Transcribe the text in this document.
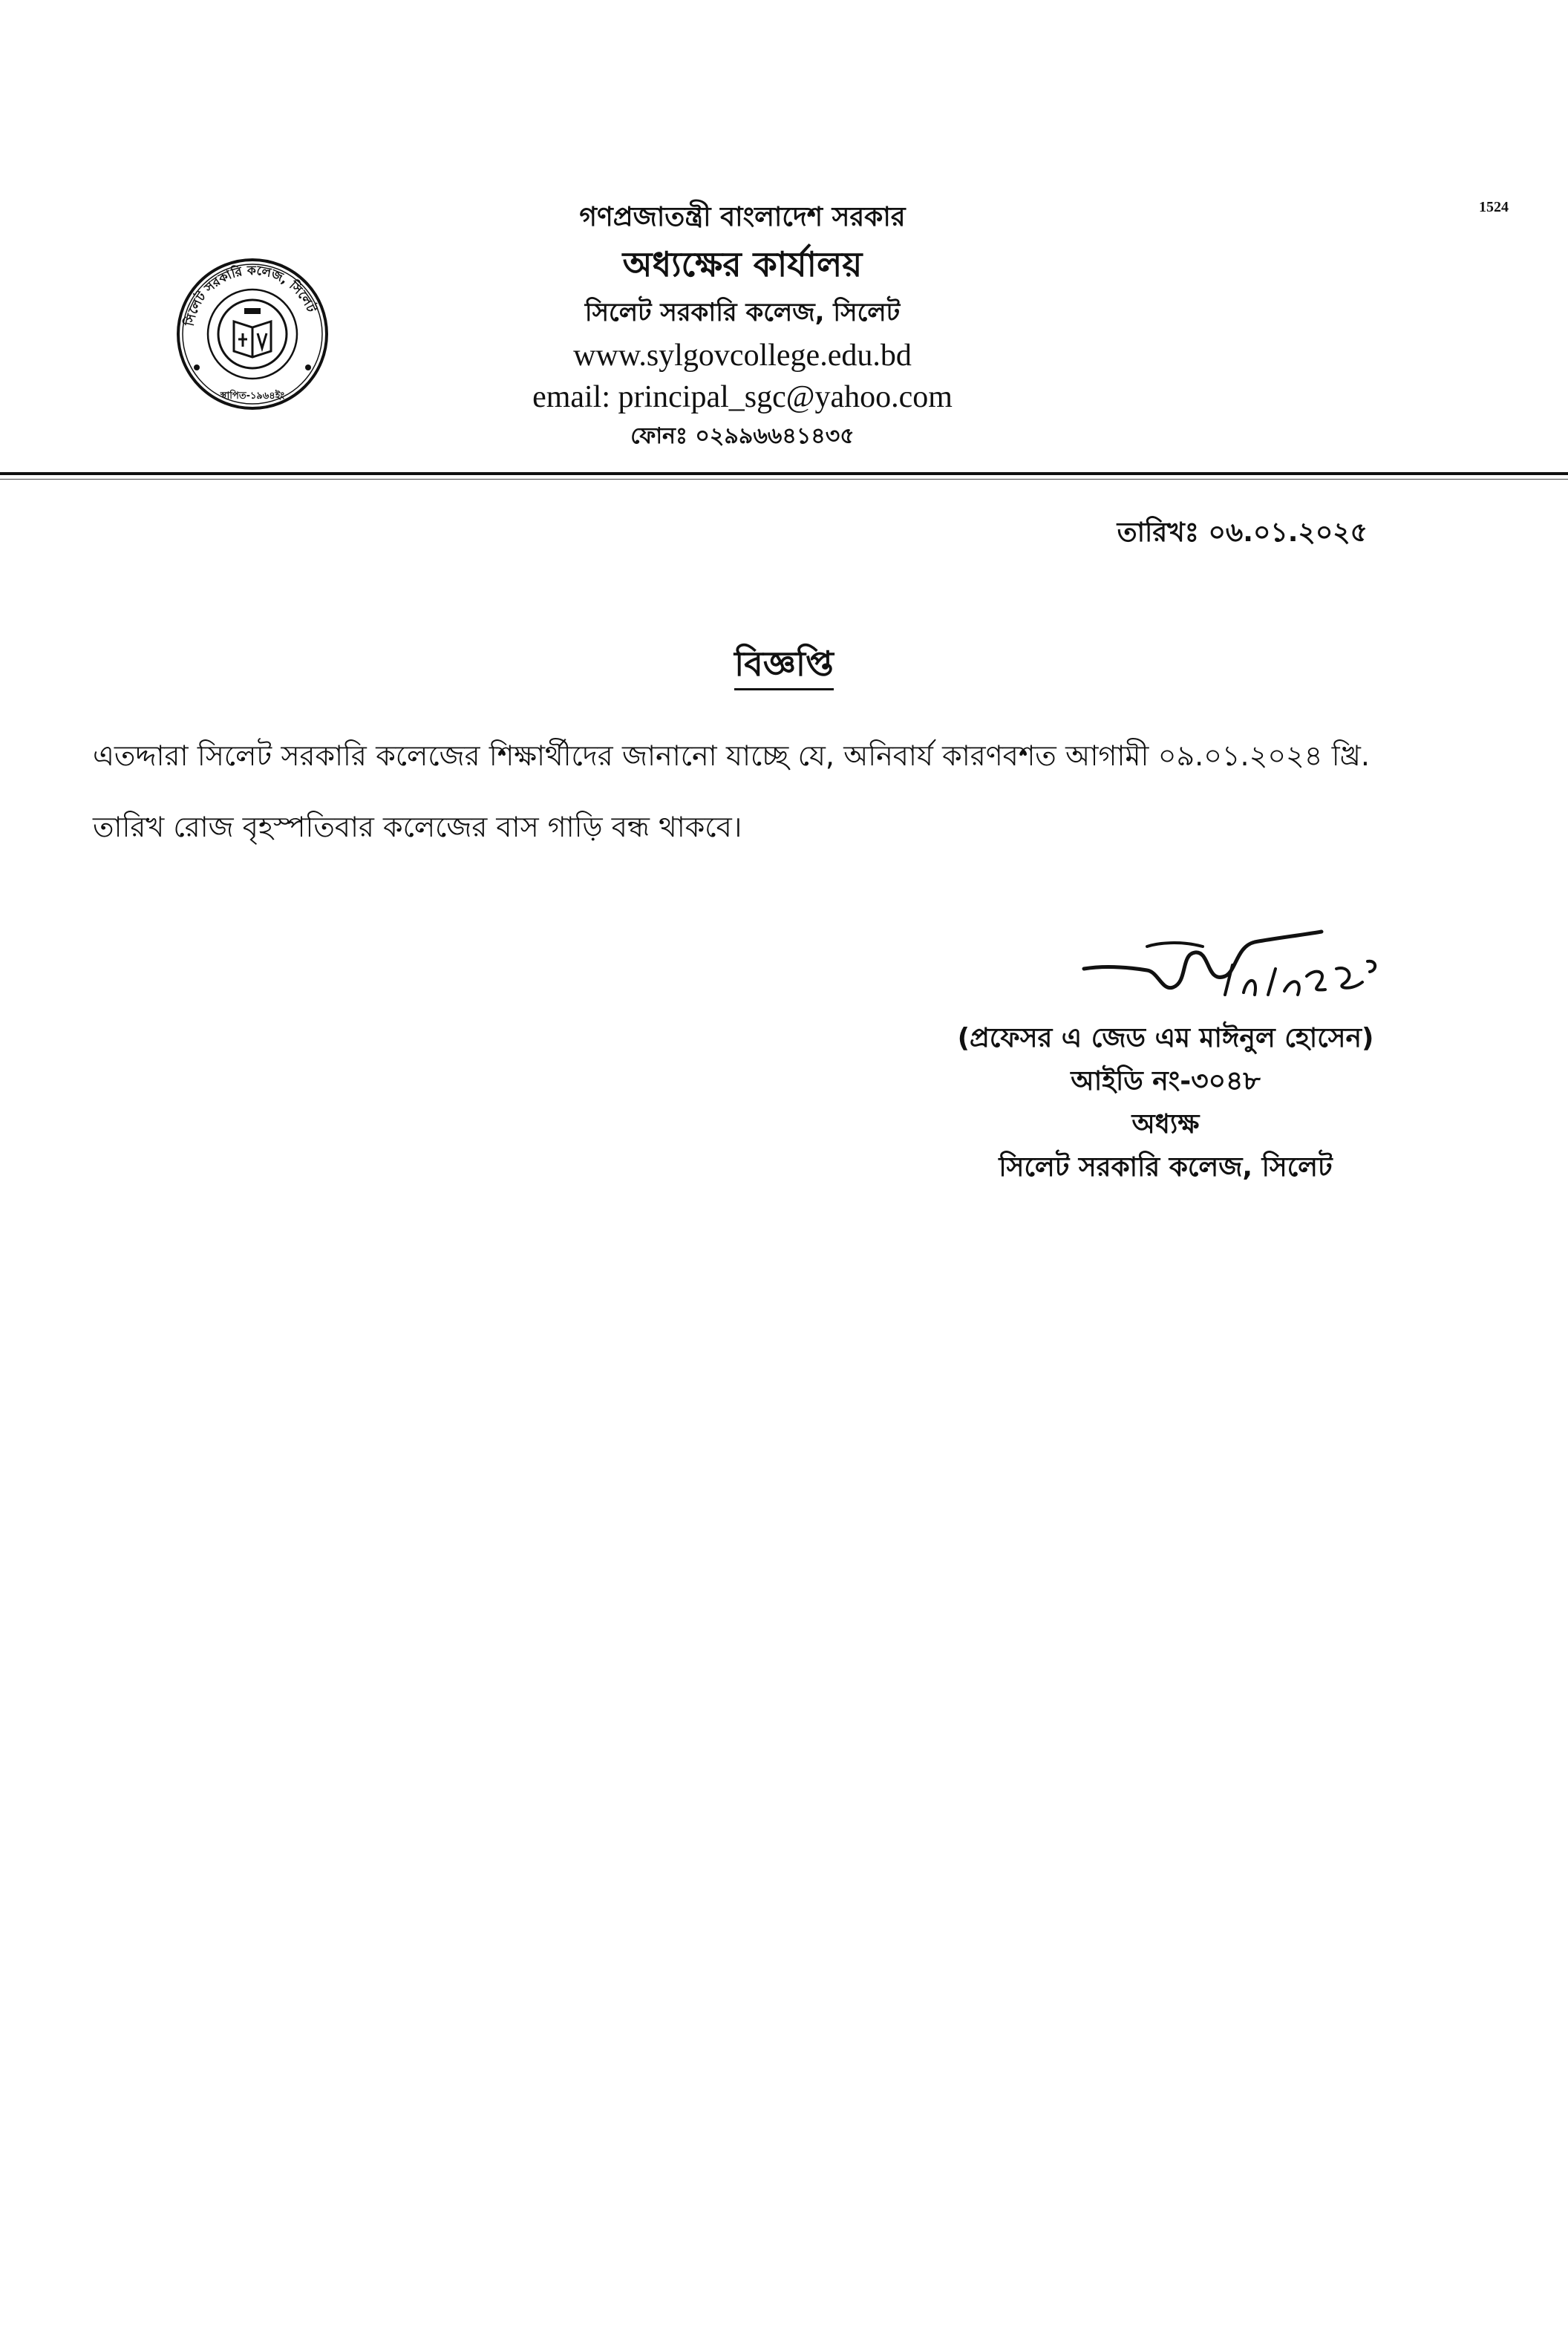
1524
সিলেট সরকারি কলেজ, সিলেট
স্থাপিত-১৯৬৪ইং
গণপ্রজাতন্ত্রী বাংলাদেশ সরকার
অধ্যক্ষের কার্যালয়
সিলেট সরকারি কলেজ, সিলেট
www.sylgovcollege.edu.bd
email: principal_sgc@yahoo.com
ফোনঃ ০২৯৯৬৬৪১৪৩৫
তারিখঃ ০৬.০১.২০২৫
বিজ্ঞপ্তি
এতদ্দারা সিলেট সরকারি কলেজের শিক্ষার্থীদের জানানো যাচ্ছে যে, অনিবার্য কারণবশত আগামী ০৯.০১.২০২৪ খ্রি. তারিখ রোজ বৃহস্পতিবার কলেজের বাস গাড়ি বন্ধ থাকবে।
(প্রফেসর এ জেড এম মাঈনুল হোসেন)
আইডি নং-৩০৪৮
অধ্যক্ষ
সিলেট সরকারি কলেজ, সিলেট
